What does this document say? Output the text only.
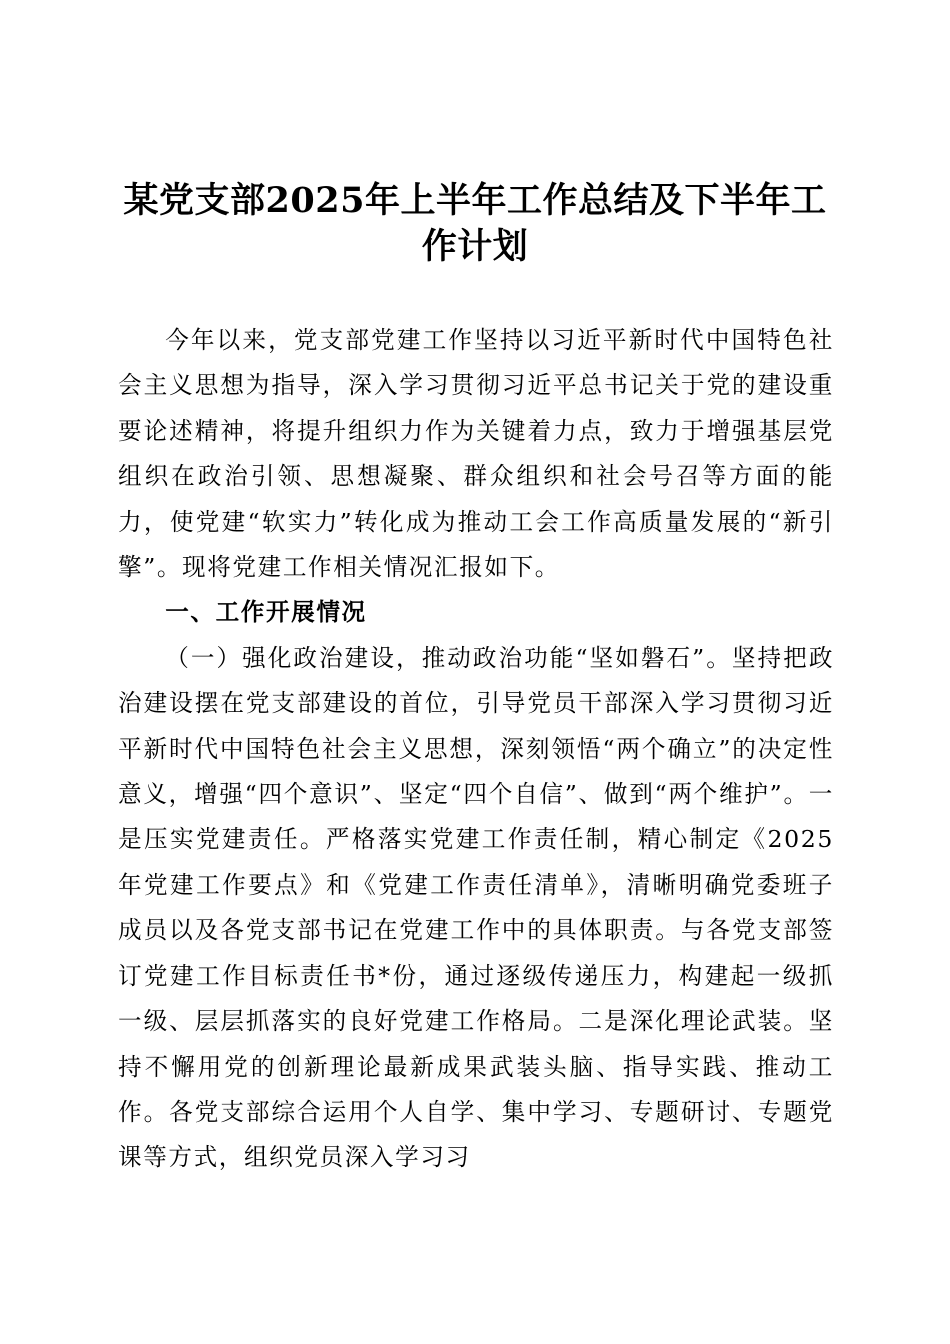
某党支部2025年上半年工作总结及下半年工作计划

今年以来，党支部党建工作坚持以习近平新时代中国特色社会主义思想为指导，深入学习贯彻习近平总书记关于党的建设重要论述精神，将提升组织力作为关键着力点，致力于增强基层党组织在政治引领、思想凝聚、群众组织和社会号召等方面的能力，使党建“软实力”转化成为推动工会工作高质量发展的“新引擎”。现将党建工作相关情况汇报如下。

一、工作开展情况

（一）强化政治建设，推动政治功能“坚如磐石”。坚持把政治建设摆在党支部建设的首位，引导党员干部深入学习贯彻习近平新时代中国特色社会主义思想，深刻领悟“两个确立”的决定性意义，增强“四个意识”、坚定“四个自信”、做到“两个维护”。一是压实党建责任。严格落实党建工作责任制，精心制定《2025年党建工作要点》和《党建工作责任清单》，清晰明确党委班子成员以及各党支部书记在党建工作中的具体职责。与各党支部签订党建工作目标责任书*份，通过逐级传递压力，构建起一级抓一级、层层抓落实的良好党建工作格局。二是深化理论武装。坚持不懈用党的创新理论最新成果武装头脑、指导实践、推动工作。各党支部综合运用个人自学、集中学习、专题研讨、专题党课等方式，组织党员深入学习习
